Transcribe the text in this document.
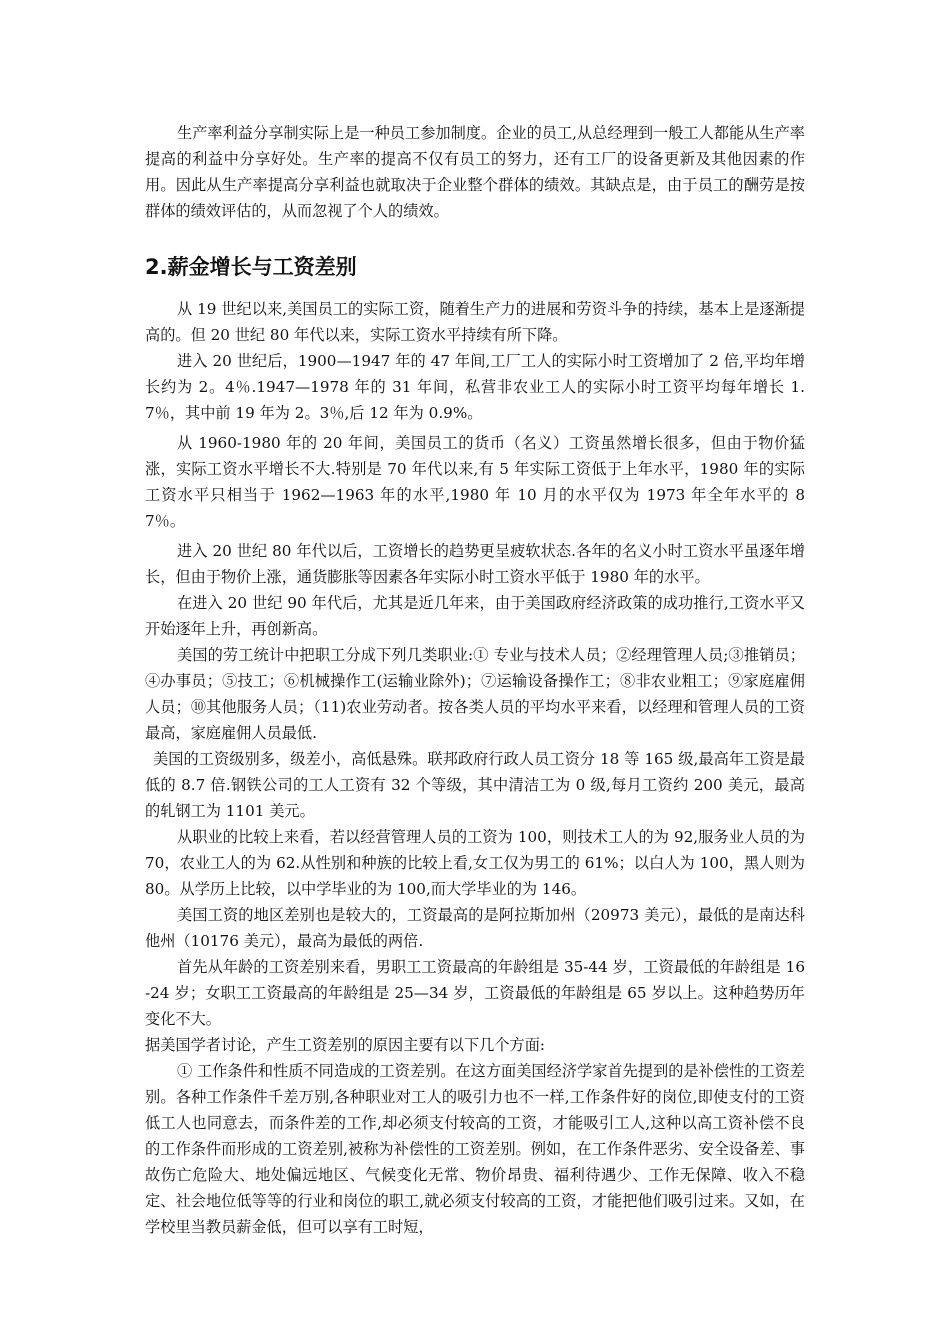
生产率利益分享制实际上是一种员工参加制度。企业的员工,从总经理到一般工人都能从生产率提高的利益中分享好处。生产率的提高不仅有员工的努力，还有工厂的设备更新及其他因素的作用。因此从生产率提高分享利益也就取决于企业整个群体的绩效。其缺点是，由于员工的酬劳是按群体的绩效评估的，从而忽视了个人的绩效。

2.薪金增长与工资差别

从 19 世纪以来,美国员工的实际工资，随着生产力的进展和劳资斗争的持续，基本上是逐渐提高的。但 20 世纪 80 年代以来，实际工资水平持续有所下降。

进入 20 世纪后，1900—1947 年的 47 年间,工厂工人的实际小时工资增加了 2 倍,平均年增长约为 2。4％.1947—1978 年的 31 年间，私营非农业工人的实际小时工资平均每年增长 1.7％，其中前 19 年为 2。3％,后 12 年为 0.9%。

从 1960-1980 年的 20 年间，美国员工的货币（名义）工资虽然增长很多，但由于物价猛涨，实际工资水平增长不大.特别是 70 年代以来,有 5 年实际工资低于上年水平，1980 年的实际工资水平只相当于 1962—1963 年的水平,1980 年 10 月的水平仅为 1973 年全年水平的 87％。

进入 20 世纪 80 年代以后，工资增长的趋势更呈疲软状态.各年的名义小时工资水平虽逐年增长，但由于物价上涨，通货膨胀等因素各年实际小时工资水平低于 1980 年的水平。

在进入 20 世纪 90 年代后，尤其是近几年来，由于美国政府经济政策的成功推行,工资水平又开始逐年上升，再创新高。

美国的劳工统计中把职工分成下列几类职业:① 专业与技术人员；②经理管理人员;③推销员；④办事员；⑤技工；⑥机械操作工(运输业除外)；⑦运输设备操作工；⑧非农业粗工；⑨家庭雇佣人员；⑩其他服务人员；（11)农业劳动者。按各类人员的平均水平来看，以经理和管理人员的工资最高，家庭雇佣人员最低.

美国的工资级别多，级差小，高低悬殊。联邦政府行政人员工资分 18 等 165 级,最高年工资是最低的 8.7 倍.钢铁公司的工人工资有 32 个等级，其中清洁工为 0 级,每月工资约 200 美元，最高的轧钢工为 1101 美元。

从职业的比较上来看，若以经营管理人员的工资为 100，则技术工人的为 92,服务业人员的为 70，农业工人的为 62.从性别和种族的比较上看,女工仅为男工的 61%；以白人为 100，黑人则为 80。从学历上比较，以中学毕业的为 100,而大学毕业的为 146。

美国工资的地区差别也是较大的，工资最高的是阿拉斯加州（20973 美元），最低的是南达科他州（10176 美元），最高为最低的两倍.

首先从年龄的工资差别来看，男职工工资最高的年龄组是 35-44 岁，工资最低的年龄组是 16-24 岁；女职工工资最高的年龄组是 25—34 岁，工资最低的年龄组是 65 岁以上。这种趋势历年变化不大。

据美国学者讨论，产生工资差别的原因主要有以下几个方面:

① 工作条件和性质不同造成的工资差别。在这方面美国经济学家首先提到的是补偿性的工资差别。各种工作条件千差万别,各种职业对工人的吸引力也不一样,工作条件好的岗位,即使支付的工资低工人也同意去，而条件差的工作,却必须支付较高的工资，才能吸引工人,这种以高工资补偿不良的工作条件而形成的工资差别,被称为补偿性的工资差别。例如，在工作条件恶劣、安全设备差、事故伤亡危险大、地处偏远地区、气候变化无常、物价昂贵、福利待遇少、工作无保障、收入不稳定、社会地位低等等的行业和岗位的职工,就必须支付较高的工资，才能把他们吸引过来。又如，在学校里当教员薪金低，但可以享有工时短，
